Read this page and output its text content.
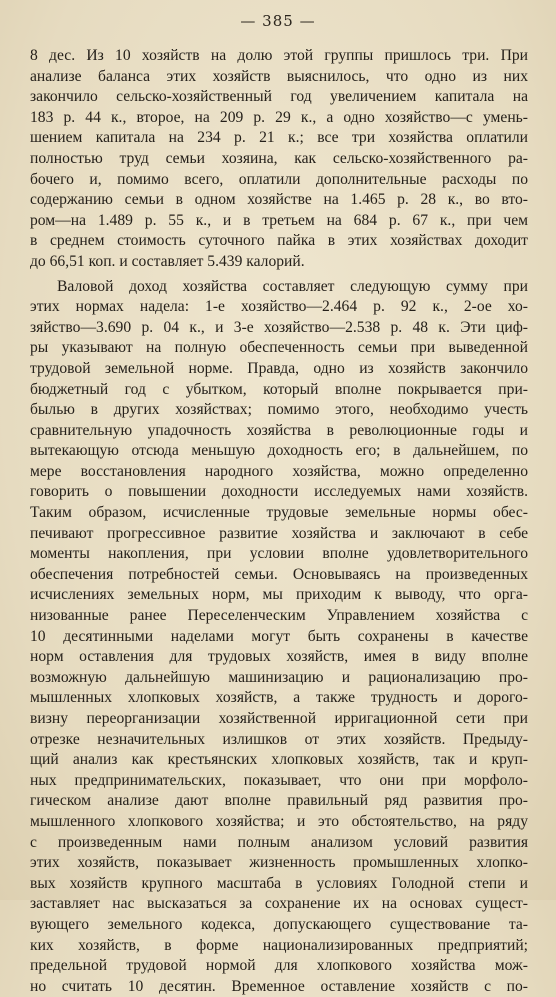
— 385 —

8 дес. Из 10 хозяйств на долю этой группы пришлось три. При
анализе баланса этих хозяйств выяснилось, что одно из них
закончило сельско-хозяйственный год увеличением капитала на
183 р. 44 к., второе, на 209 р. 29 к., а одно хозяйство—с умень-
шением капитала на 234 р. 21 к.; все три хозяйства оплатили
полностью труд семьи хозяина, как сельско-хозяйственного ра-
бочего и, помимо всего, оплатили дополнительные расходы по
содержанию семьи в одном хозяйстве на 1.465 р. 28 к., во вто-
ром—на 1.489 р. 55 к., и в третьем на 684 р. 67 к., при чем
в среднем стоимость суточного пайка в этих хозяйствах доходит
до 66,51 коп. и составляет 5.439 калорий.

Валовой доход хозяйства составляет следующую сумму при
этих нормах надела: 1-е хозяйство—2.464 р. 92 к., 2-ое хо-
зяйство—3.690 р. 04 к., и 3-е хозяйство—2.538 р. 48 к. Эти циф-
ры указывают на полную обеспеченность семьи при выведенной
трудовой земельной норме. Правда, одно из хозяйств закончило
бюджетный год с убытком, который вполне покрывается при-
былью в других хозяйствах; помимо этого, необходимо учесть
сравнительную упадочность хозяйства в революционные годы и
вытекающую отсюда меньшую доходность его; в дальнейшем, по
мере восстановления народного хозяйства, можно определенно
говорить о повышении доходности исследуемых нами хозяйств.
Таким образом, исчисленные трудовые земельные нормы обес-
печивают прогрессивное развитие хозяйства и заключают в себе
моменты накопления, при условии вполне удовлетворительного
обеспечения потребностей семьи. Основываясь на произведенных
исчислениях земельных норм, мы приходим к выводу, что орга-
низованные ранее Переселенческим Управлением хозяйства с
10 десятинными наделами могут быть сохранены в качестве
норм оставления для трудовых хозяйств, имея в виду вполне
возможную дальнейшую машинизацию и рационализацию про-
мышленных хлопковых хозяйств, а также трудность и дорого-
визну переорганизации хозяйственной ирригационной сети при
отрезке незначительных излишков от этих хозяйств. Предыду-
щий анализ как крестьянских хлопковых хозяйств, так и круп-
ных предпринимательских, показывает, что они при морфоло-
гическом анализе дают вполне правильный ряд развития про-
мышленного хлопкового хозяйства; и это обстоятельство, на ряду
с произведенным нами полным анализом условий развития
этих хозяйств, показывает жизненность промышленных хлопко-
вых хозяйств крупного масштаба в условиях Голодной степи и
заставляет нас высказаться за сохранение их на основах сущест-
вующего земельного кодекса, допускающего существование та-
ких хозяйств, в форме национализированных предприятий;
предельной трудовой нормой для хлопкового хозяйства мож-
но считать 10 десятин. Временное оставление хозяйств с по-
